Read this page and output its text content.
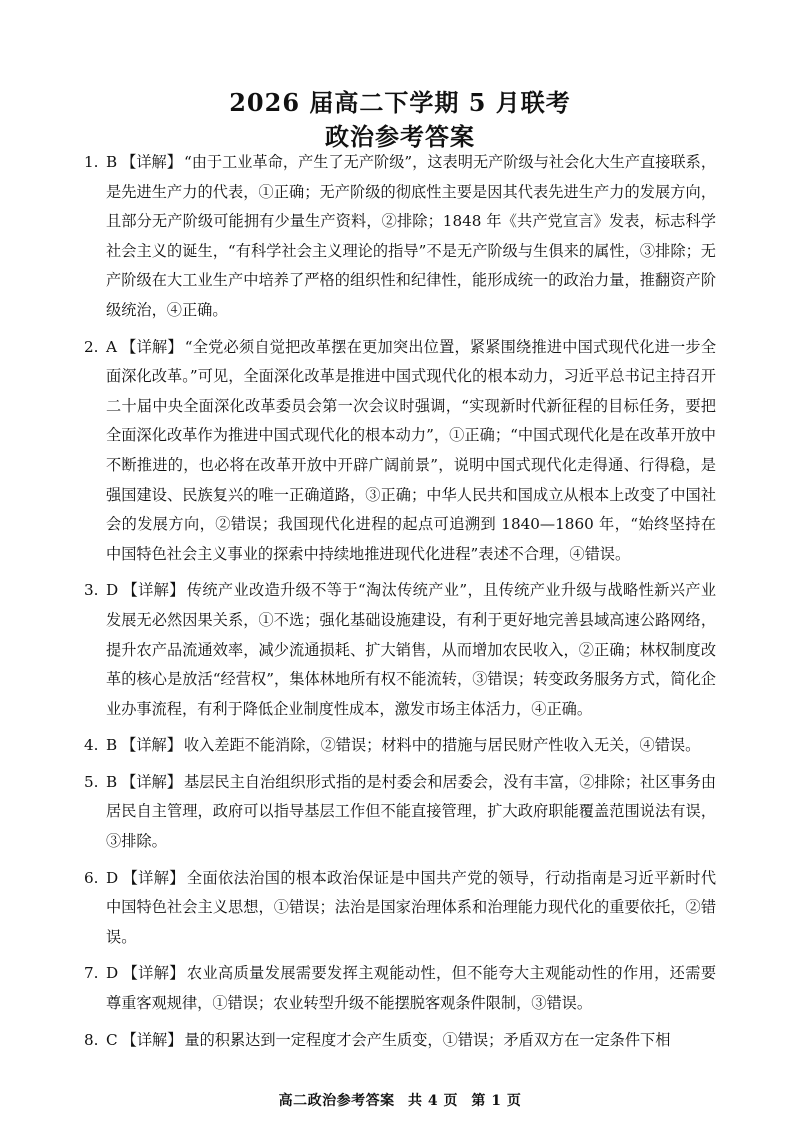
2026 届高二下学期 5 月联考
政治参考答案
1. B 【详解】 “由于工业革命，产生了无产阶级”，这表明无产阶级与社会化大生产直接联系，是先进生产力的代表，①正确；无产阶级的彻底性主要是因其代表先进生产力的发展方向，且部分无产阶级可能拥有少量生产资料，②排除；1848 年《共产党宣言》发表，标志科学社会主义的诞生，“有科学社会主义理论的指导”不是无产阶级与生俱来的属性，③排除；无产阶级在大工业生产中培养了严格的组织性和纪律性，能形成统一的政治力量，推翻资产阶级统治，④正确。
2. A 【详解】 “全党必须自觉把改革摆在更加突出位置，紧紧围绕推进中国式现代化进一步全面深化改革。”可见，全面深化改革是推进中国式现代化的根本动力，习近平总书记主持召开二十届中央全面深化改革委员会第一次会议时强调，“实现新时代新征程的目标任务，要把全面深化改革作为推进中国式现代化的根本动力”，①正确；“中国式现代化是在改革开放中不断推进的，也必将在改革开放中开辟广阔前景”，说明中国式现代化走得通、行得稳，是强国建设、民族复兴的唯一正确道路，③正确；中华人民共和国成立从根本上改变了中国社会的发展方向，②错误；我国现代化进程的起点可追溯到 1840—1860 年，“始终坚持在中国特色社会主义事业的探索中持续地推进现代化进程”表述不合理，④错误。
3. D 【详解】 传统产业改造升级不等于“淘汰传统产业”，且传统产业升级与战略性新兴产业发展无必然因果关系，①不选；强化基础设施建设，有利于更好地完善县域高速公路网络，提升农产品流通效率，减少流通损耗、扩大销售，从而增加农民收入，②正确；林权制度改革的核心是放活“经营权”，集体林地所有权不能流转，③错误；转变政务服务方式，简化企业办事流程，有利于降低企业制度性成本，激发市场主体活力，④正确。
4. B 【详解】 收入差距不能消除，②错误；材料中的措施与居民财产性收入无关，④错误。
5. B 【详解】 基层民主自治组织形式指的是村委会和居委会，没有丰富，②排除；社区事务由居民自主管理，政府可以指导基层工作但不能直接管理，扩大政府职能覆盖范围说法有误，③排除。
6. D 【详解】 全面依法治国的根本政治保证是中国共产党的领导，行动指南是习近平新时代中国特色社会主义思想，①错误；法治是国家治理体系和治理能力现代化的重要依托，②错误。
7. D 【详解】 农业高质量发展需要发挥主观能动性，但不能夸大主观能动性的作用，还需要尊重客观规律，①错误；农业转型升级不能摆脱客观条件限制，③错误。
8. C 【详解】 量的积累达到一定程度才会产生质变，①错误；矛盾双方在一定条件下相
高二政治参考答案 共 4 页 第 1 页
